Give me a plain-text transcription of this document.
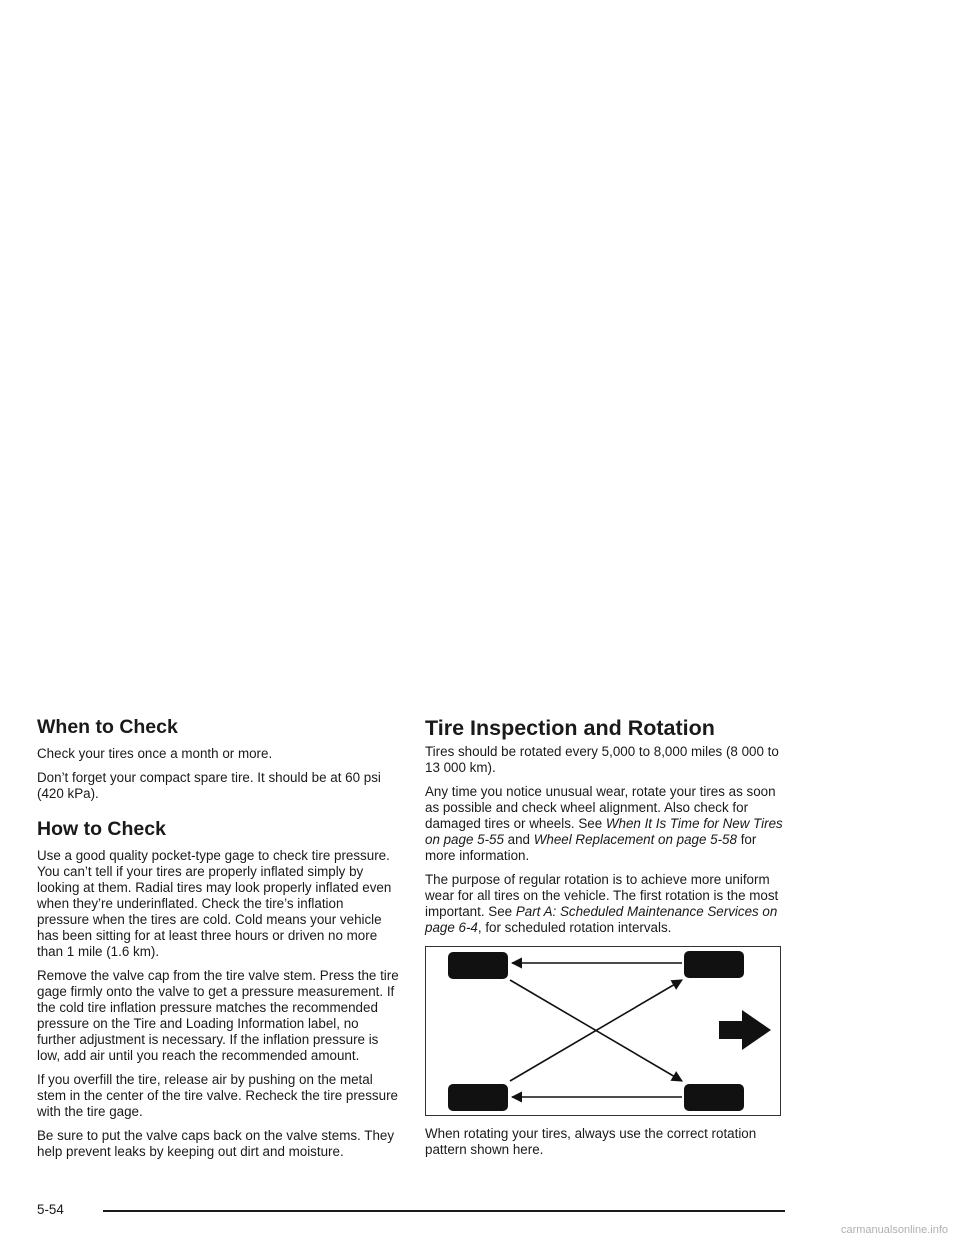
When to Check

Check your tires once a month or more.

Don’t forget your compact spare tire. It should be at 60 psi (420 kPa).

How to Check

Use a good quality pocket-type gage to check tire pressure. You can’t tell if your tires are properly inflated simply by looking at them. Radial tires may look properly inflated even when they’re underinflated. Check the tire’s inflation pressure when the tires are cold. Cold means your vehicle has been sitting for at least three hours or driven no more than 1 mile (1.6 km).

Remove the valve cap from the tire valve stem. Press the tire gage firmly onto the valve to get a pressure measurement. If the cold tire inflation pressure matches the recommended pressure on the Tire and Loading Information label, no further adjustment is necessary. If the inflation pressure is low, add air until you reach the recommended amount.

If you overfill the tire, release air by pushing on the metal stem in the center of the tire valve. Recheck the tire pressure with the tire gage.

Be sure to put the valve caps back on the valve stems. They help prevent leaks by keeping out dirt and moisture.

Tire Inspection and Rotation

Tires should be rotated every 5,000 to 8,000 miles (8 000 to 13 000 km).

Any time you notice unusual wear, rotate your tires as soon as possible and check wheel alignment. Also check for damaged tires or wheels. See When It Is Time for New Tires on page 5-55 and Wheel Replacement on page 5-58 for more information.

The purpose of regular rotation is to achieve more uniform wear for all tires on the vehicle. The first rotation is the most important. See Part A: Scheduled Maintenance Services on page 6-4, for scheduled rotation intervals.

When rotating your tires, always use the correct rotation pattern shown here.

5-54
carmanualsonline.info
